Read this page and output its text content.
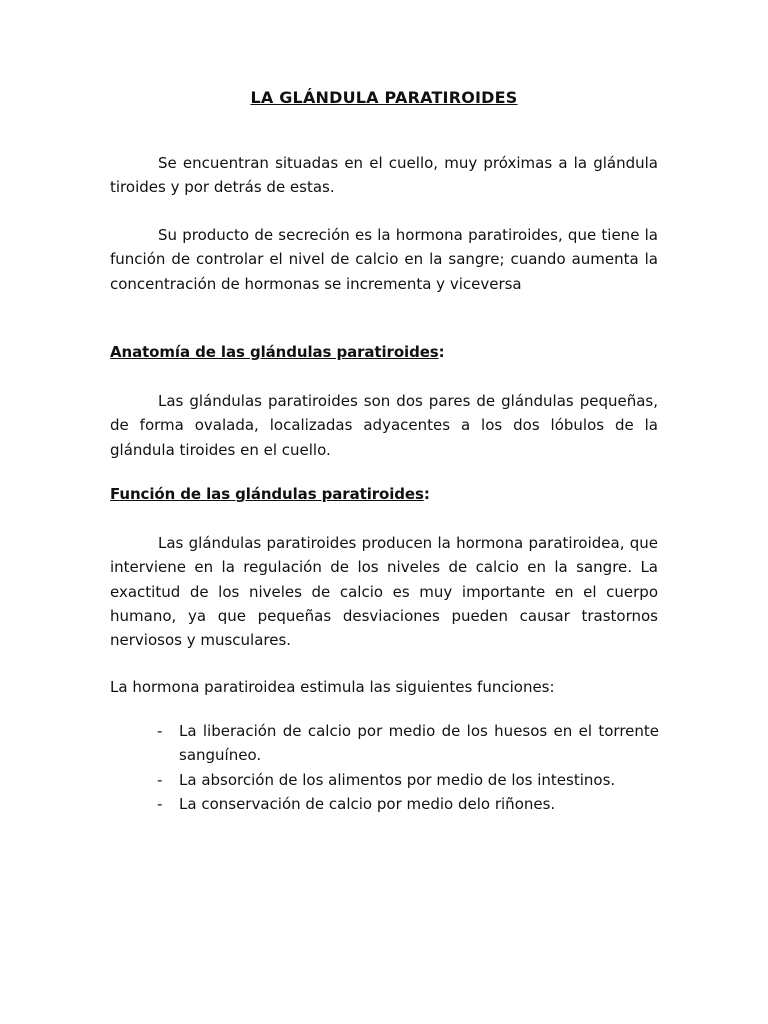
LA GLÁNDULA PARATIROIDES

Se encuentran situadas en el cuello, muy próximas a la glándula tiroides y por detrás de estas.

Su producto de secreción es la hormona paratiroides, que tiene la función de controlar el nivel de calcio en la sangre; cuando aumenta la concentración de hormonas se incrementa y viceversa

Anatomía de las glándulas paratiroides:

Las glándulas paratiroides son dos pares de glándulas pequeñas, de forma ovalada, localizadas adyacentes a los dos lóbulos de la glándula tiroides en el cuello.

Función de las glándulas paratiroides:

Las glándulas paratiroides producen la hormona paratiroidea, que interviene en la regulación de los niveles de calcio en la sangre. La exactitud de los niveles de calcio es muy importante en el cuerpo humano, ya que pequeñas desviaciones pueden causar trastornos nerviosos y musculares.

La hormona paratiroidea estimula las siguientes funciones:

- La liberación de calcio por medio de los huesos en el torrente sanguíneo.
- La absorción de los alimentos por medio de los intestinos.
- La conservación de calcio por medio delo riñones.
